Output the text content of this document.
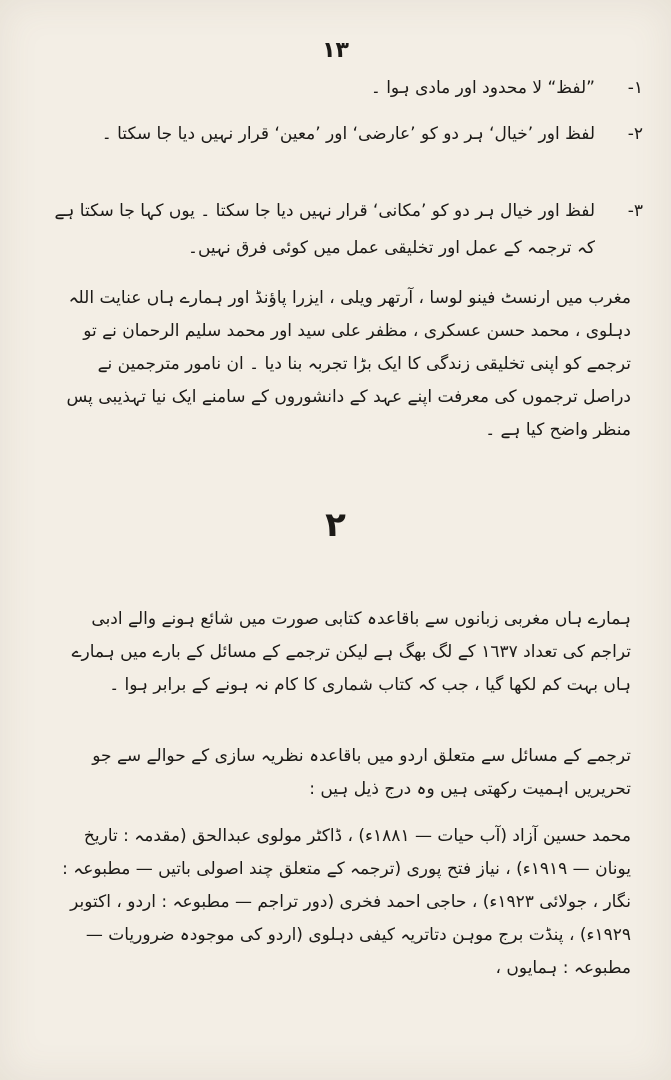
١٣
١-
”لفظ“ لا محدود اور مادی ہوا ۔
٢-
لفظ اور ’خیال‘ ہر دو کو ’عارضی‘ اور ’معین‘ قرار نہیں دیا جا سکتا ۔
٣-
لفظ اور خیال ہر دو کو ’مکانی‘ قرار نہیں دیا جا سکتا ۔ یوں کہا جا سکتا ہے کہ ترجمہ کے عمل اور تخلیقی عمل میں کوئی فرق نہیں۔
مغرب میں ارنسٹ فینو لوسا ، آرتھر ویلی ، ایزرا پاؤنڈ اور ہمارے ہاں عنایت اللہ دہلوی ، محمد حسن عسکری ، مظفر علی سید اور محمد سلیم الرحمان نے تو ترجمے کو اپنی تخلیقی زندگی کا ایک بڑا تجربہ بنا دیا ۔ ان نامور مترجمین نے دراصل ترجموں کی معرفت اپنے عہد کے دانشوروں کے سامنے ایک نیا تہذیبی پس منظر واضح کیا ہے ۔
٢
ہمارے ہاں مغربی زبانوں سے باقاعدہ کتابی صورت میں شائع ہونے والے ادبی تراجم کی تعداد ١٦٣٧ کے لگ بھگ ہے لیکن ترجمے کے مسائل کے بارے میں ہمارے ہاں بہت کم لکھا گیا ، جب کہ کتاب شماری کا کام نہ ہونے کے برابر ہوا ۔
ترجمے کے مسائل سے متعلق اردو میں باقاعدہ نظریہ سازی کے حوالے سے جو تحریریں اہمیت رکھتی ہیں وہ درج ذیل ہیں :
محمد حسین آزاد (آب حیات — ١٨٨١ء) ، ڈاکٹر مولوی عبدالحق (مقدمہ : تاریخ یونان — ١٩١٩ء) ، نیاز فتح پوری (ترجمہ کے متعلق چند اصولی باتیں — مطبوعہ : نگار ، جولائی ١٩٢٣ء) ، حاجی احمد فخری (دور تراجم — مطبوعہ : اردو ، اکتوبر ١٩٢٩ء) ، پنڈت برج موہن دتاتریہ کیفی دہلوی (اردو کی موجودہ ضروریات — مطبوعہ : ہمایوں ،
